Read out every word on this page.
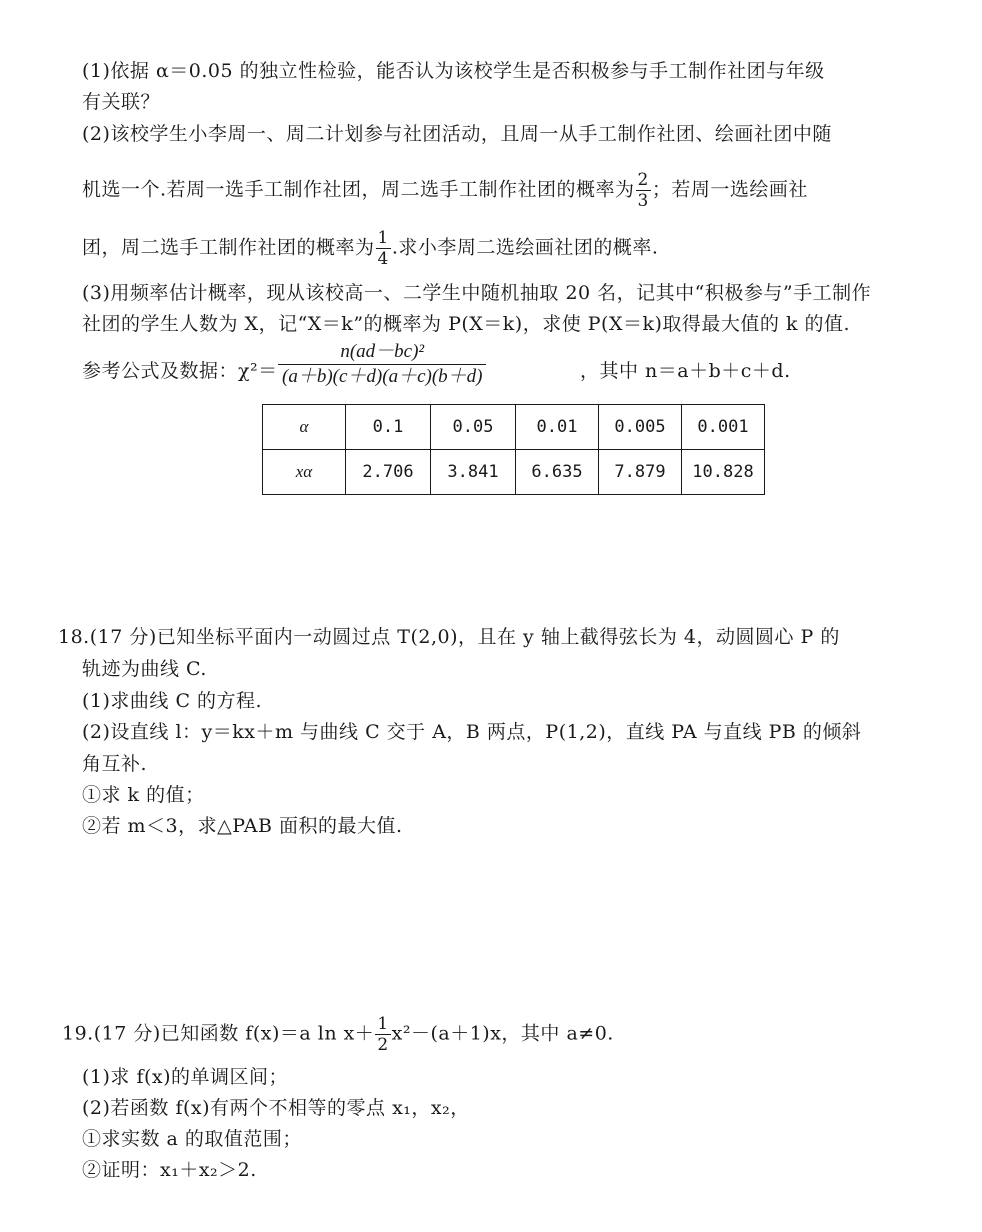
(1)依据 α＝0.05 的独立性检验，能否认为该校学生是否积极参与手工制作社团与年级
有关联？
(2)该校学生小李周一、周二计划参与社团活动，且周一从手工制作社团、绘画社团中随
机选一个.若周一选手工制作社团，周二选手工制作社团的概率为 $\frac{2}{3}$ ；若周一选绘画社
团，周二选手工制作社团的概率为 $\frac{1}{4}$ .求小李周二选绘画社团的概率.
(3)用频率估计概率，现从该校高一、二学生中随机抽取 20 名，记其中“积极参与”手工制作
社团的学生人数为 X，记“X＝k”的概率为 P(X＝k)，求使 P(X＝k)取得最大值的 k 的值.
参考公式及数据：$\chi^2= \frac{\text{n(ad－bc)²}}{(a+b)(c+d)(a+c)(b+d)}$	，其中 n＝a＋b＋c＋d.
α	0.1	0.05	0.01	0.005	0.001
xα	2.706	3.841	6.635	7.879	10.828
18.(17 分)已知坐标平面内一动圆过点 T(2,0)，且在 y 轴上截得弦长为 4，动圆圆心 P 的
轨迹为曲线 C.
(1)求曲线 C 的方程.
(2)设直线 l：y＝kx＋m 与曲线 C 交于 A，B 两点，P(1,2)，直线 PA 与直线 PB 的倾斜
角互补.
①求 k 的值；
②若 m＜3，求△PAB 面积的最大值.
19.(17 分)已知函数 f(x)＝a $\ln x+ \frac{1}{2} x^2-(a+1)x$，其中 a≠0.
(1)求 f(x)的单调区间；
(2)若函数 f(x)有两个不相等的零点 x₁，x₂，
①求实数 a 的取值范围；
②证明：x₁＋x₂＞2.
